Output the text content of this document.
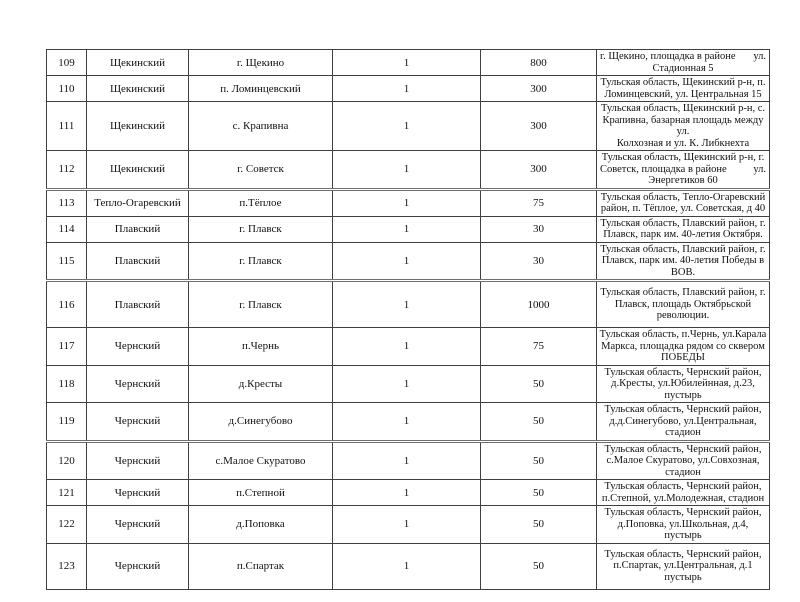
109	Щекинский	г. Щекино	1	800	г. Щекино, площадка в районе ул.
Стадионная 5

110	Щекинский	п. Ломинцевский	1	300	Тульская область, Щекинский р-н, п.
Ломинцевский, ул. Центральная 15

111	Щекинский	с. Крапивна	1	300	Тульская область, Щекинский р-н, с.
Крапивна, базарная площадь между ул.
Колхозная и ул. К. Либкнехта

112	Щекинский	г. Советск	1	300	Тульская область, Щекинский р-н, г.
Советск, площадка в районе ул.
Энергетиков 60

113	Тепло-Огаревский	п.Тёплое	1	75	Тульская область, Тепло-Огаревский
район, п. Тёплое, ул. Советская, д 40

114	Плавский	г. Плавск	1	30	Тульская область, Плавский район, г.
Плавск, парк им. 40-летия Октября.

115	Плавский	г. Плавск	1	30	Тульская область, Плавский район, г.
Плавск, парк им. 40-летия Победы в
ВОВ.

116	Плавский	г. Плавск	1	1000	Тульская область, Плавский район, г.
Плавск, площадь Октябрьской
революции.

117	Чернский	п.Чернь	1	75	Тульская область, п.Чернь, ул.Карала
Маркса, площадка рядом со сквером
ПОБЕДЫ

118	Чернский	д.Кресты	1	50	Тульская область, Чернский район,
д.Кресты, ул.Юбилейнная, д.23, пустырь

119	Чернский	д.Синегубово	1	50	Тульская область, Чернский район,
д.д.Синегубово, ул.Центральная, стадион

120	Чернский	с.Малое Скуратово	1	50	Тульская область, Чернский район,
с.Малое Скуратово, ул.Совхозная,
стадион

121	Чернский	п.Степной	1	50	Тульская область, Чернский район,
п.Степной, ул.Молодежная, стадион

122	Чернский	д.Поповка	1	50	Тульская область, Чернский район,
д.Поповка, ул.Школьная, д.4, пустырь

123	Чернский	п.Спартак	1	50	Тульская область, Чернский район,
п.Спартак, ул.Центральная, д.1 пустырь
